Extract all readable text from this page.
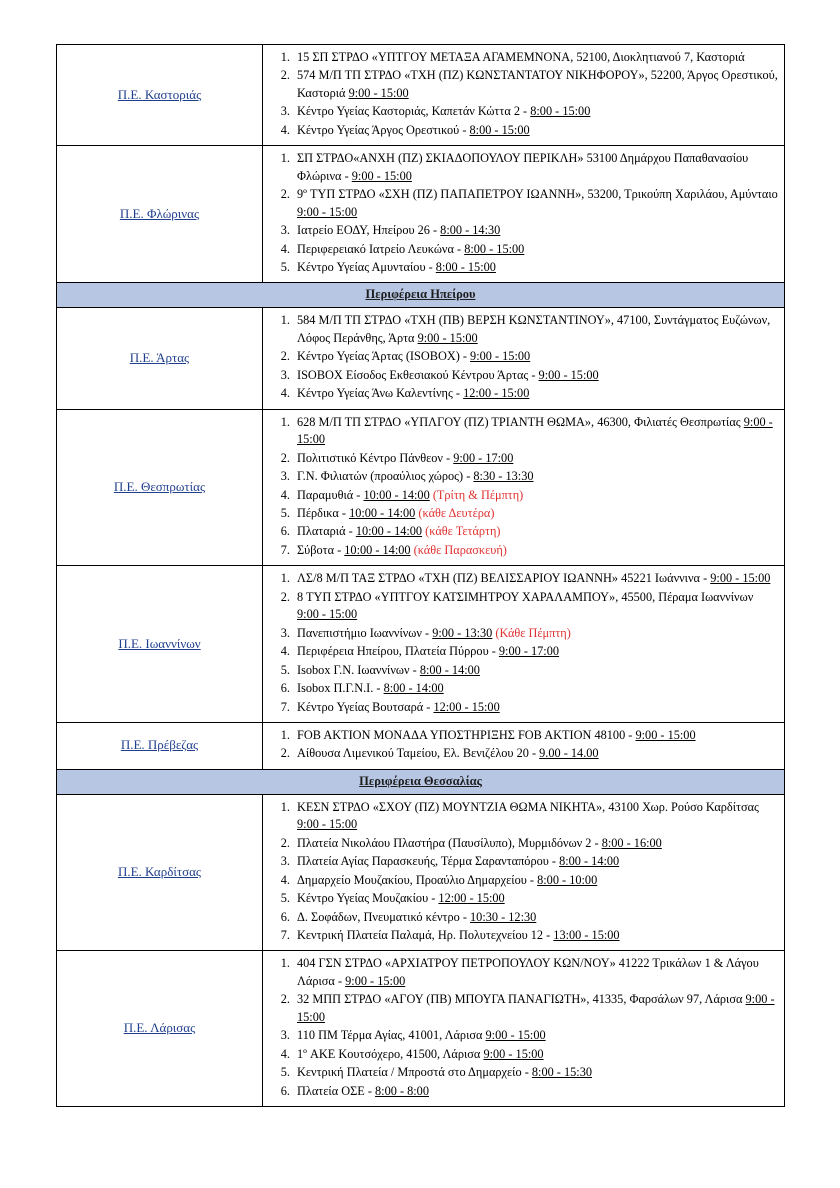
Π.Ε. Καστοριάς	
1. 15 ΣΠ ΣΤΡΔΟ «ΥΠΤΓΟΥ ΜΕΤΑΞΑ ΑΓΑΜΕΜΝΟΝΑ, 52100, Διοκλητιανού 7, Καστοριά
2. 574 Μ/Π ΤΠ ΣΤΡΔΟ «ΤΧΗ (ΠΖ) ΚΩΝΣΤΑΝΤΑΤΟΥ ΝΙΚΗΦΟΡΟΥ», 52200, Άργος Ορεστικού, Καστοριά 9:00 - 15:00
3. Κέντρο Υγείας Καστοριάς, Καπετάν Κώττα 2 - 8:00 - 15:00
4. Κέντρο Υγείας Άργος Ορεστικού - 8:00 - 15:00

Π.Ε. Φλώρινας	
1. ΣΠ ΣΤΡΔΟ«ΑΝΧΗ (ΠΖ) ΣΚΙΑΔΟΠΟΥΛΟΥ ΠΕΡΙΚΛΗ» 53100 Δημάρχου Παπαθανασίου Φλώρινα - 9:00 - 15:00
2. 9º ΤΥΠ ΣΤΡΔΟ «ΣΧΗ (ΠΖ) ΠΑΠΑΠΕΤΡΟΥ ΙΩΑΝΝΗ», 53200, Τρικούπη Χαριλάου, Αμύνταιο 9:00 - 15:00
3. Ιατρείο ΕΟΔΥ, Ηπείρου 26 - 8:00 - 14:30
4. Περιφερειακό Ιατρείο Λευκώνα - 8:00 - 15:00
5. Κέντρο Υγείας Αμυνταίου - 8:00 - 15:00

Περιφέρεια Ηπείρου	
Π.Ε. Άρτας	
1. 584 Μ/Π ΤΠ ΣΤΡΔΟ «ΤΧΗ (ΠΒ) ΒΕΡΣΗ ΚΩΝΣΤΑΝΤΙΝΟΥ», 47100, Συντάγματος Ευζώνων, Λόφος Περάνθης, Άρτα 9:00 - 15:00
2. Κέντρο Υγείας Άρτας (ISOBOX) - 9:00 - 15:00
3. ISOBOX Είσοδος Εκθεσιακού Κέντρου Άρτας - 9:00 - 15:00
4. Κέντρο Υγείας Άνω Καλεντίνης - 12:00 - 15:00

Π.Ε. Θεσπρωτίας	
1. 628 Μ/Π ΤΠ ΣΤΡΔΟ «ΥΠΛΓΟΥ (ΠΖ) ΤΡΙΑΝΤΗ ΘΩΜΑ», 46300, Φιλιατές Θεσπρωτίας 9:00 - 15:00
2. Πολιτιστικό Κέντρο Πάνθεον - 9:00 - 17:00
3. Γ.Ν. Φιλιατών (προαύλιος χώρος) - 8:30 - 13:30
4. Παραμυθιά - 10:00 - 14:00 (Τρίτη & Πέμπτη)
5. Πέρδικα - 10:00 - 14:00 (κάθε Δευτέρα)
6. Πλαταριά - 10:00 - 14:00 (κάθε Τετάρτη)
7. Σύβοτα - 10:00 - 14:00 (κάθε Παρασκευή)

Π.Ε. Ιωαννίνων	
1. ΛΣ/8 Μ/Π ΤΑΞ ΣΤΡΔΟ «ΤΧΗ (ΠΖ) ΒΕΛΙΣΣΑΡΙΟΥ ΙΩΑΝΝΗ» 45221 Ιωάννινα - 9:00 - 15:00
2. 8 ΤΥΠ ΣΤΡΔΟ «ΥΠΤΓΟΥ ΚΑΤΣΙΜΗΤΡΟΥ ΧΑΡΑΛΑΜΠΟΥ», 45500, Πέραμα Ιωαννίνων 9:00 - 15:00
3. Πανεπιστήμιο Ιωαννίνων - 9:00 - 13:30 (Κάθε Πέμπτη)
4. Περιφέρεια Ηπείρου, Πλατεία Πύρρου - 9:00 - 17:00
5. Isobox Γ.Ν. Ιωαννίνων - 8:00 - 14:00
6. Isobox Π.Γ.Ν.Ι. - 8:00 - 14:00
7. Κέντρο Υγείας Βουτσαρά - 12:00 - 15:00

Π.Ε. Πρέβεζας	
1. FOB AKTION ΜΟΝΑΔΑ ΥΠΟΣΤΗΡΙΞΗΣ FOB AKTION 48100 - 9:00 - 15:00
2. Αίθουσα Λιμενικού Ταμείου, Ελ. Βενιζέλου 20 - 9.00 - 14.00

Περιφέρεια Θεσσαλίας	
Π.Ε. Καρδίτσας	
1. ΚΕΣΝ ΣΤΡΔΟ «ΣΧΟΥ (ΠΖ) ΜΟΥΝΤΖΙΑ ΘΩΜΑ ΝΙΚΗΤΑ», 43100 Χωρ. Ρούσο Καρδίτσας 9:00 - 15:00
2. Πλατεία Νικολάου Πλαστήρα (Παυσίλυπο), Μυρμιδόνων 2 - 8:00 - 16:00
3. Πλατεία Αγίας Παρασκευής, Τέρμα Σαρανταπόρου - 8:00 - 14:00
4. Δημαρχείο Μουζακίου, Προαύλιο Δημαρχείου - 8:00 - 10:00
5. Κέντρο Υγείας Μουζακίου - 12:00 - 15:00
6. Δ. Σοφάδων, Πνευματικό κέντρο - 10:30 - 12:30
7. Κεντρική Πλατεία Παλαμά, Ηρ. Πολυτεχνείου 12 - 13:00 - 15:00

Π.Ε. Λάρισας	
1. 404 ΓΣΝ ΣΤΡΔΟ «ΑΡΧΙΑΤΡΟΥ ΠΕΤΡΟΠΟΥΛΟΥ ΚΩΝ/ΝΟΥ» 41222 Τρικάλων 1 & Λάγου Λάρισα - 9:00 - 15:00
2. 32 ΜΠΠ ΣΤΡΔΟ «ΑΓΟΥ (ΠΒ) ΜΠΟΥΓΑ ΠΑΝΑΓΙΩΤΗ», 41335, Φαρσάλων 97, Λάρισα 9:00 - 15:00
3. 110 ΠΜ Τέρμα Αγίας, 41001, Λάρισα 9:00 - 15:00
4. 1º ΑΚΕ Κουτσόχερο, 41500, Λάρισα 9:00 - 15:00
5. Κεντρική Πλατεία / Μπροστά στο Δημαρχείο - 8:00 - 15:30
6. Πλατεία ΟΣΕ - 8:00 - 8:00
